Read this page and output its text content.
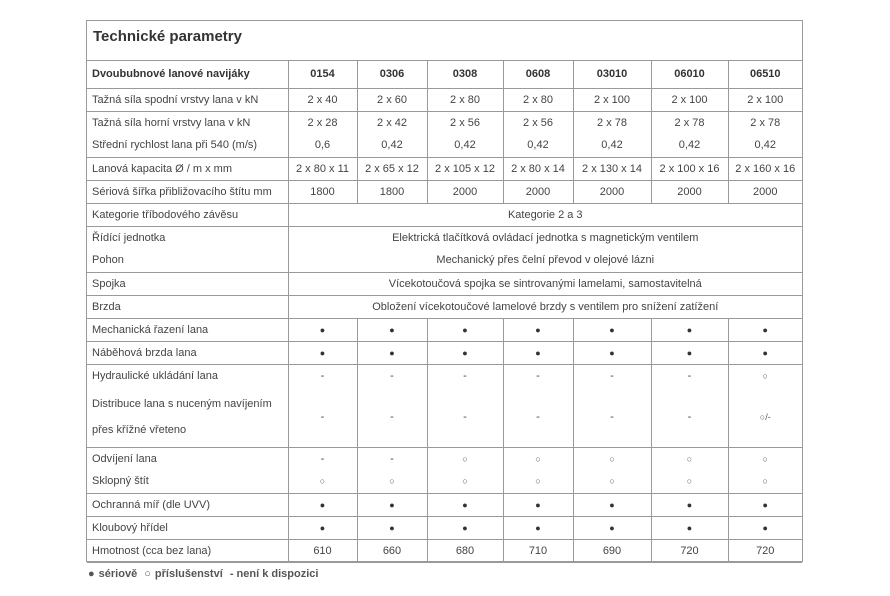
Technické parametry
Dvoububnové lanové navijáky	0154	0306	0308	0608	03010	06010	06510
Tažná síla spodní vrstvy lana v kN	2 x 40	2 x 60	2 x 80	2 x 80	2 x 100	2 x 100	2 x 100
Tažná síla horní vrstvy lana v kN	2 x 28	2 x 42	2 x 56	2 x 56	2 x 78	2 x 78	2 x 78
Střední rychlost lana při 540 (m/s)	0,6	0,42	0,42	0,42	0,42	0,42	0,42
Lanová kapacita Ø / m x mm	2 x 80 x 11	2 x 65 x 12	2 x 105 x 12	2 x 80 x 14	2 x 130 x 14	2 x 100 x 16	2 x 160 x 16
Sériová šířka přibližovacího štítu mm	1800	1800	2000	2000	2000	2000	2000
Kategorie tříbodového závěsu	Kategorie 2 a 3						
Řídící jednotka	Elektrická tlačítková ovládací jednotka s magnetickým ventilem						
Pohon	Mechanický přes čelní převod v olejové lázni						
Spojka	Vícekotoučová spojka se sintrovanými lamelami, samostavitelná						
Brzda	Obložení vícekotoučové lamelové brzdy s ventilem pro snížení zatížení						
Mechanická řazení lana	●	●	●	●	●	●	●
Náběhová brzda lana	●	●	●	●	●	●	●
Hydraulické ukládání lana	-	-	-	-	-	-	○

Distribuce lana s nuceným navíjením
přes křížné vřeteno	-	-	-	-	-	-	○/-
Odvíjení lana	-	-	○	○	○	○	○
Sklopný štít	○	○	○	○	○	○	○
Ochranná míř (dle UVV)	●	●	●	●	●	●	●
Kloubový hřídel	●	●	●	●	●	●	●
Hmotnost (cca bez lana)	610	660	680	710	690	720	720
● sériově ○ příslušenství - není k dispozici
